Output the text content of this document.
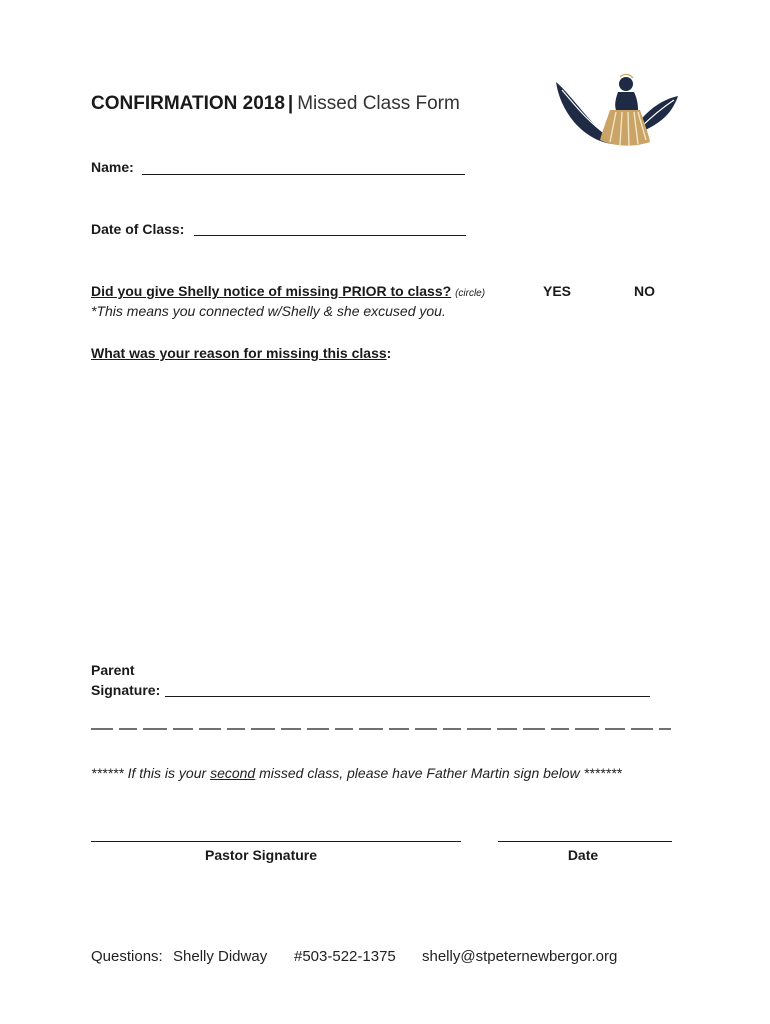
CONFIRMATION 2018 | Missed Class Form
Name:
Date of Class:
Did you give Shelly notice of missing PRIOR to class? (circle)	YES	NO
*This means you connected w/Shelly & she excused you.
What was your reason for missing this class:
Parent
Signature:
****** If this is your second missed class, please have Father Martin sign below *******
Pastor Signature	Date
Questions: Shelly Didway #503-522-1375 shelly@stpeternewbergor.org
